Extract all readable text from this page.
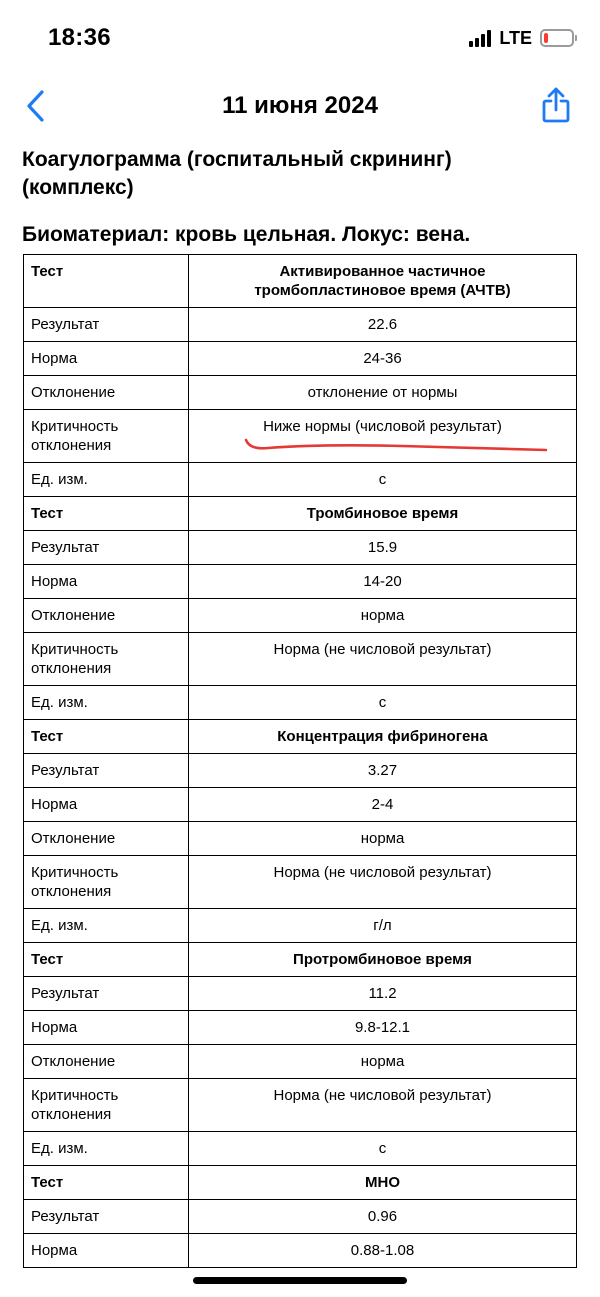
18:36	LTE
11 июня 2024
Коагулограмма (госпитальный скрининг)
(комплекс)
Биоматериал: кровь цельная. Локус: вена.
Тест	Активированное частичное
тромбопластиновое время (АЧТВ)

Результат	22.6
Норма	24-36
Отклонение	отклонение от нормы

Критичность
отклонения	Ниже нормы (числовой результат)
Ед. изм.	с
Тест	Тромбиновое время
Результат	15.9
Норма	14-20
Отклонение	норма

Критичность
отклонения	Норма (не числовой результат)
Ед. изм.	с
Тест	Концентрация фибриногена
Результат	3.27
Норма	2-4
Отклонение	норма

Критичность
отклонения	Норма (не числовой результат)
Ед. изм.	г/л
Тест	Протромбиновое время
Результат	11.2
Норма	9.8-12.1
Отклонение	норма

Критичность
отклонения	Норма (не числовой результат)
Ед. изм.	с
Тест	МНО
Результат	0.96
Норма	0.88-1.08
